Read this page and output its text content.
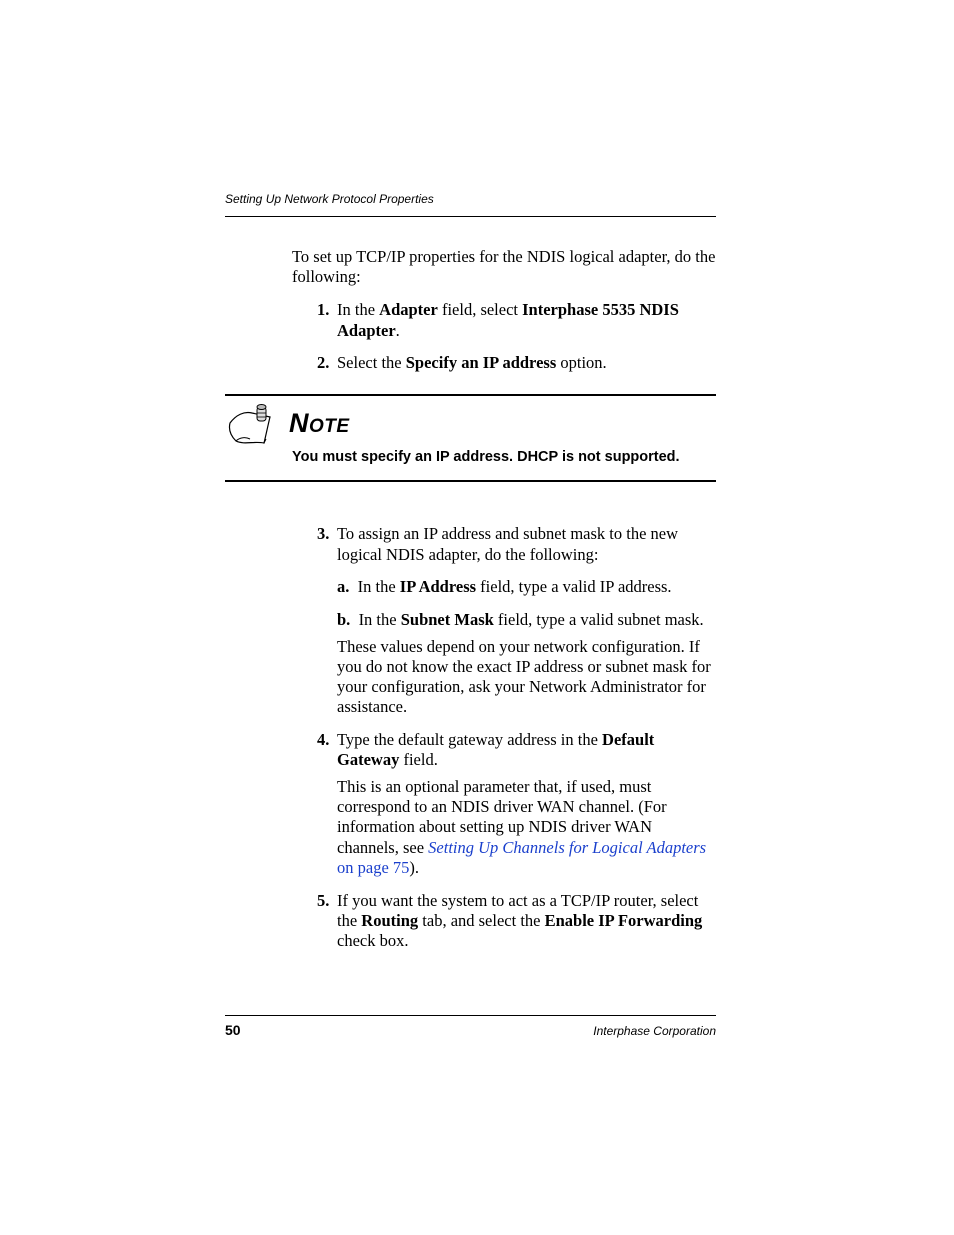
Setting Up Network Protocol Properties
To set up TCP/IP properties for the NDIS logical adapter, do the following:
1. In the Adapter field, select Interphase 5535 NDIS
Adapter.
2. Select the Specify an IP address option.
NOTE
You must specify an IP address. DHCP is not supported.
3. To assign an IP address and subnet mask to the new
logical NDIS adapter, do the following:
a. In the IP Address field, type a valid IP address.
b. In the Subnet Mask field, type a valid subnet mask.
These values depend on your network configuration. If
you do not know the exact IP address or subnet mask for
your configuration, ask your Network Administrator for
assistance.
4. Type the default gateway address in the Default
Gateway field.
This is an optional parameter that, if used, must
correspond to an NDIS driver WAN channel. (For
information about setting up NDIS driver WAN
channels, see Setting Up Channels for Logical Adapters
on page 75).
5. If you want the system to act as a TCP/IP router, select
the Routing tab, and select the Enable IP Forwarding
check box.
50	Interphase Corporation
